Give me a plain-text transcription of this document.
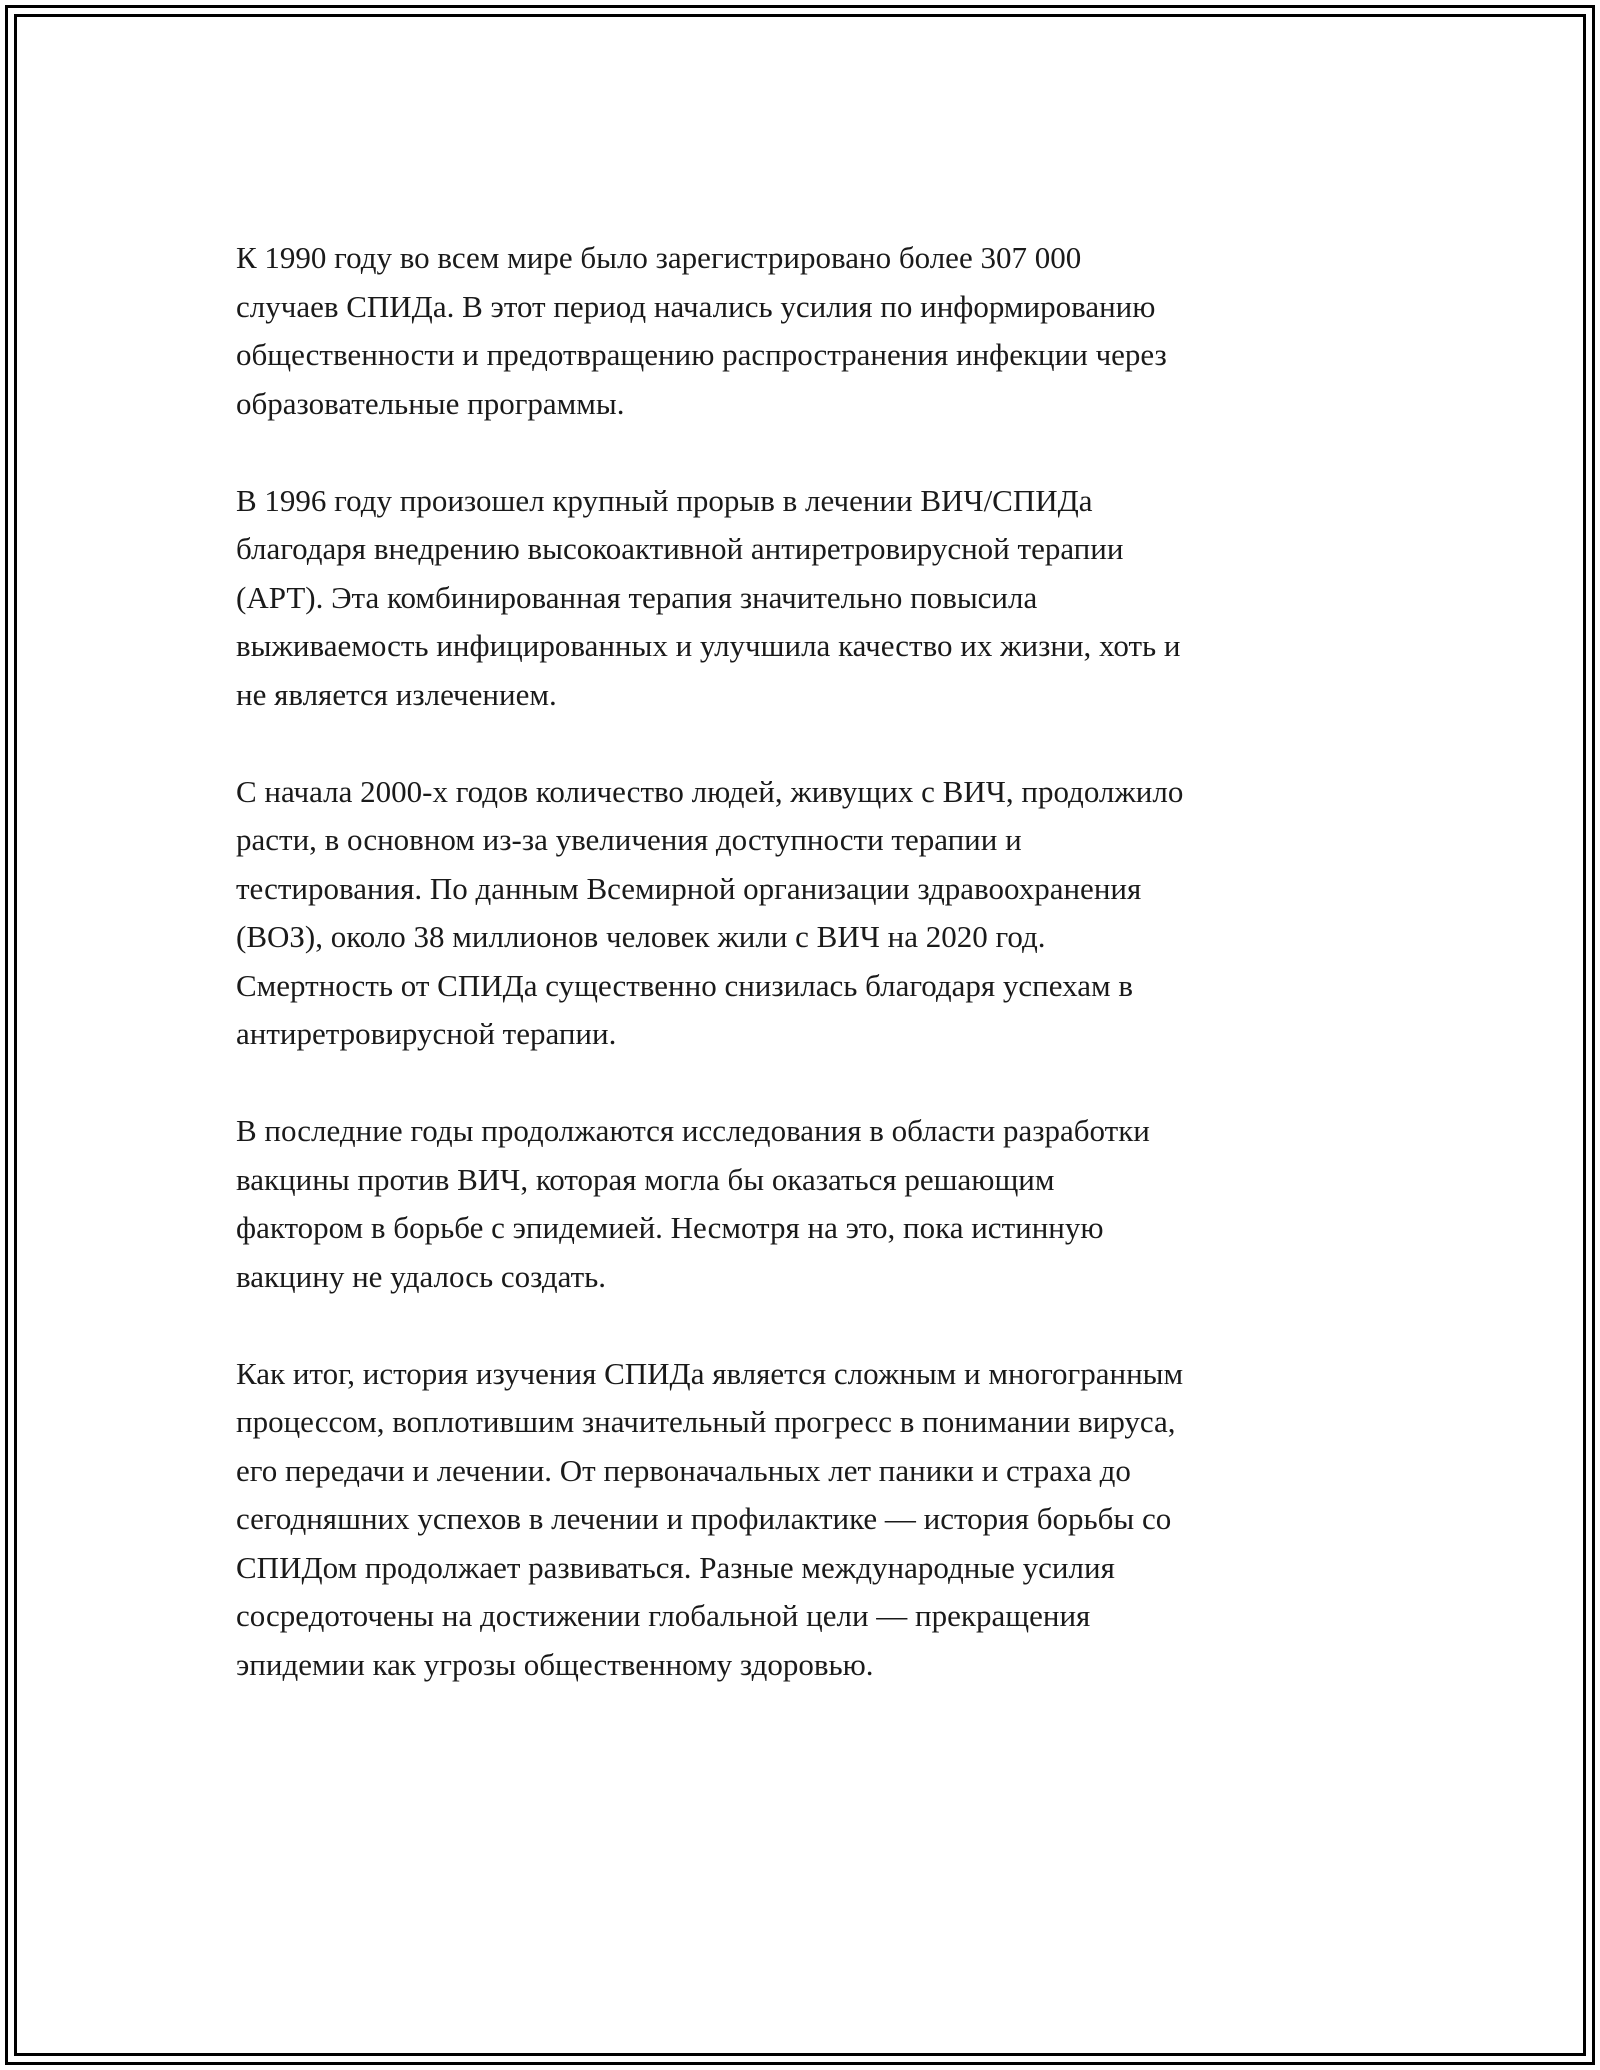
К 1990 году во всем мире было зарегистрировано более 307 000
случаев СПИДа. В этот период начались усилия по информированию
общественности и предотвращению распространения инфекции через
образовательные программы.

В 1996 году произошел крупный прорыв в лечении ВИЧ/СПИДа
благодаря внедрению высокоактивной антиретровирусной терапии
(АРТ). Эта комбинированная терапия значительно повысила
выживаемость инфицированных и улучшила качество их жизни, хоть и
не является излечением.

С начала 2000-х годов количество людей, живущих с ВИЧ, продолжило
расти, в основном из-за увеличения доступности терапии и
тестирования. По данным Всемирной организации здравоохранения
(ВОЗ), около 38 миллионов человек жили с ВИЧ на 2020 год.
Смертность от СПИДа существенно снизилась благодаря успехам в
антиретровирусной терапии.

В последние годы продолжаются исследования в области разработки
вакцины против ВИЧ, которая могла бы оказаться решающим
фактором в борьбе с эпидемией. Несмотря на это, пока истинную
вакцину не удалось создать.

Как итог, история изучения СПИДа является сложным и многогранным
процессом, воплотившим значительный прогресс в понимании вируса,
его передачи и лечении. От первоначальных лет паники и страха до
сегодняшних успехов в лечении и профилактике — история борьбы со
СПИДом продолжает развиваться. Разные международные усилия
сосредоточены на достижении глобальной цели — прекращения
эпидемии как угрозы общественному здоровью.
